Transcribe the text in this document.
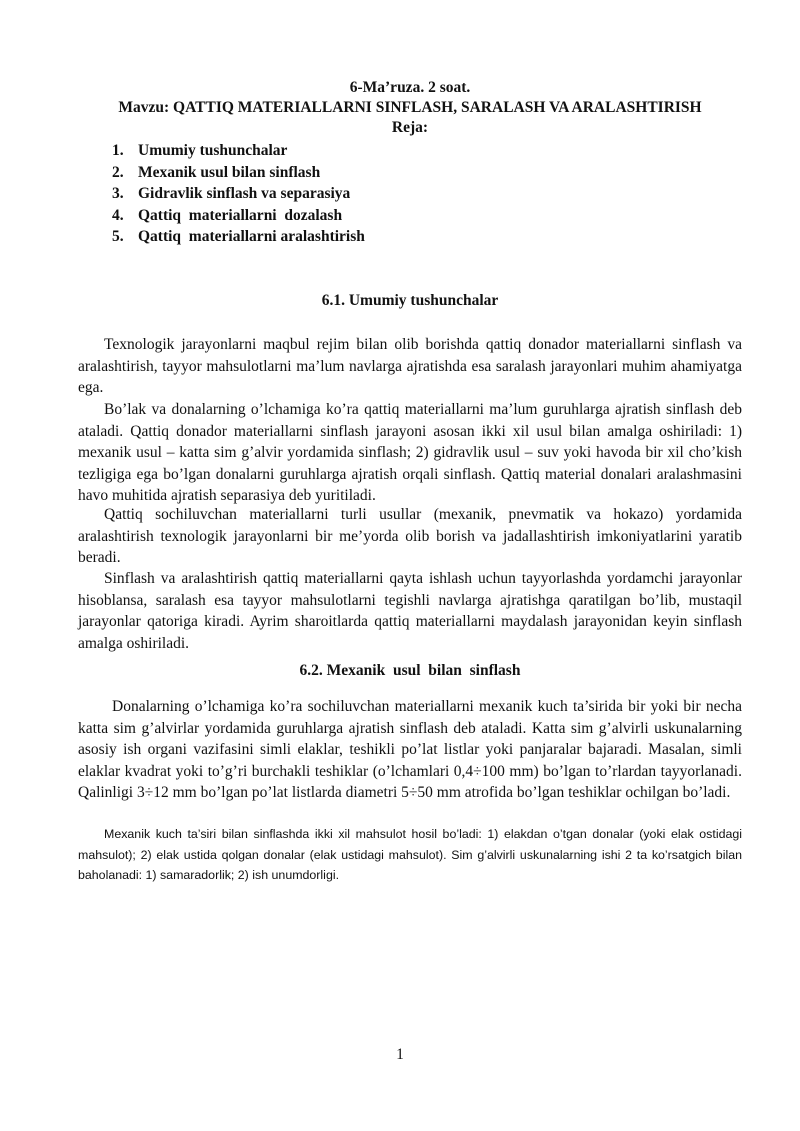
6-Ma’ruza. 2 soat.
Mavzu: QATTIQ MATERIALLARNI SINFLASH, SARALASH VA ARALASHTIRISH
Reja:
1. Umumiy tushunchalar
2. Mexanik usul bilan sinflash
3. Gidravlik sinflash va separasiya
4. Qattiq  materiallarni  dozalash
5. Qattiq  materiallarni aralashtirish
6.1. Umumiy tushunchalar

Texnologik jarayonlarni maqbul rejim bilan olib borishda qattiq donador materiallarni sinflash va aralashtirish, tayyor mahsulotlarni ma’lum navlarga ajratishda esa saralash jarayonlari muhim ahamiyatga ega.

Bo’lak va donalarning o’lchamiga ko’ra qattiq materiallarni ma’lum guruhlarga ajratish sinflash deb ataladi. Qattiq donador materiallarni sinflash jarayoni asosan ikki xil usul bilan amalga oshiriladi: 1) mexanik usul – katta sim g’alvir yordamida sinflash; 2) gidravlik usul – suv yoki havoda bir xil cho’kish tezligiga ega bo’lgan donalarni guruhlarga ajratish orqali sinflash. Qattiq material donalari aralashmasini havo muhitida ajratish separasiya deb yuritiladi.

Qattiq sochiluvchan materiallarni turli usullar (mexanik, pnevmatik va hokazo) yordamida aralashtirish texnologik jarayonlarni bir me’yorda olib borish va jadallashtirish imkoniyatlarini yaratib beradi.

Sinflash va aralashtirish qattiq materiallarni qayta ishlash uchun tayyorlashda yordamchi jarayonlar hisoblansa, saralash esa tayyor mahsulotlarni tegishli navlarga ajratishga qaratilgan bo’lib, mustaqil jarayonlar qatoriga kiradi. Ayrim sharoitlarda qattiq materiallarni maydalash jarayonidan keyin sinflash amalga oshiriladi.

6.2. Mexanik  usul  bilan  sinflash

Donalarning o’lchamiga ko’ra sochiluvchan materiallarni mexanik kuch ta’sirida bir yoki bir necha katta sim g’alvirlar yordamida guruhlarga ajratish sinflash deb ataladi. Katta sim g’alvirli uskunalarning asosiy ish organi vazifasini simli elaklar, teshikli po’lat listlar yoki panjaralar bajaradi. Masalan, simli elaklar kvadrat yoki to’g’ri burchakli teshiklar (o’lchamlari 0,4÷100 mm) bo’lgan to’rlardan tayyorlanadi. Qalinligi 3÷12 mm bo’lgan po’lat listlarda diametri 5÷50 mm atrofida bo’lgan teshiklar ochilgan bo’ladi.

Mexanik kuch ta’siri bilan sinflashda ikki xil mahsulot hosil bo’ladi: 1) elakdan o’tgan donalar (yoki elak ostidagi mahsulot); 2) elak ustida qolgan donalar (elak ustidagi mahsulot). Sim g’alvirli uskunalarning ishi 2 ta ko’rsatgich bilan baholanadi: 1) samaradorlik; 2) ish unumdorligi.

1
